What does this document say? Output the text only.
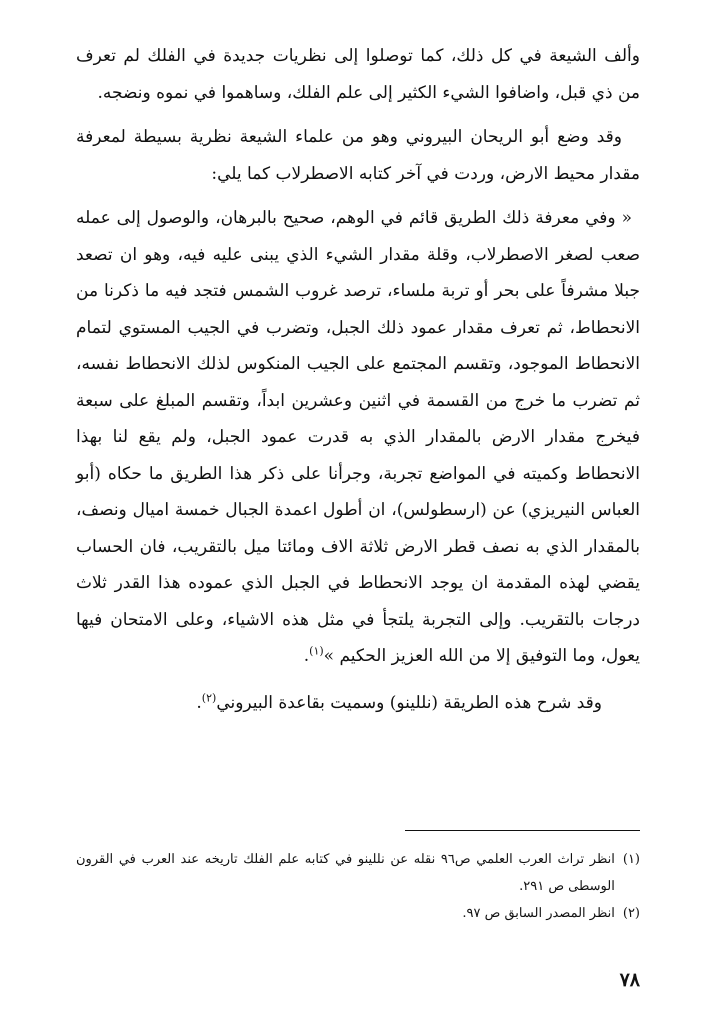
وألف الشيعة في كل ذلك، كما توصلوا إلى نظريات جديدة في الفلك لم تعرف من ذي قبل، واضافوا الشيء الكثير إلى علم الفلك، وساهموا في نموه ونضجه.

وقد وضع أبو الريحان البيروني وهو من علماء الشيعة نظرية بسيطة لمعرفة مقدار محيط الارض، وردت في آخر كتابه الاصطرلاب كما يلي:

« وفي معرفة ذلك الطريق قائم في الوهم، صحيح بالبرهان، والوصول إلى عمله صعب لصغر الاصطرلاب، وقلة مقدار الشيء الذي يبنى عليه فيه، وهو ان تصعد جبلا مشرفاً على بحر أو تربة ملساء، ترصد غروب الشمس فتجد فيه ما ذكرنا من الانحطاط، ثم تعرف مقدار عمود ذلك الجبل، وتضرب في الجيب المستوي لتمام الانحطاط الموجود، وتقسم المجتمع على الجيب المنكوس لذلك الانحطاط نفسه، ثم تضرب ما خرج من القسمة في اثنين وعشرين ابداً، وتقسم المبلغ على سبعة فيخرج مقدار الارض بالمقدار الذي به قدرت عمود الجبل، ولم يقع لنا بهذا الانحطاط وكميته في المواضع تجربة، وجرأنا على ذكر هذا الطريق ما حكاه (أبو العباس النيريزي) عن (ارسطولس)، ان أطول اعمدة الجبال خمسة اميال ونصف، بالمقدار الذي به نصف قطر الارض ثلاثة الاف ومائتا ميل بالتقريب، فان الحساب يقضي لهذه المقدمة ان يوجد الانحطاط في الجبل الذي عموده هذا القدر ثلاث درجات بالتقريب. وإلى التجربة يلتجأ في مثل هذه الاشياء، وعلى الامتحان فيها يعول، وما التوفيق إلا من الله العزيز الحكيم »$^{(١)}$.

وقد شرح هذه الطريقة (نللينو) وسميت بقاعدة البيروني$^{(٢)}$.

(١)
انظر تراث العرب العلمي ص٩٦ نقله عن نللينو في كتابه علم الفلك تاريخه عند العرب في القرون الوسطى ص ٢٩١.
(٢)
انظر المصدر السابق ص ٩٧.
٧٨
